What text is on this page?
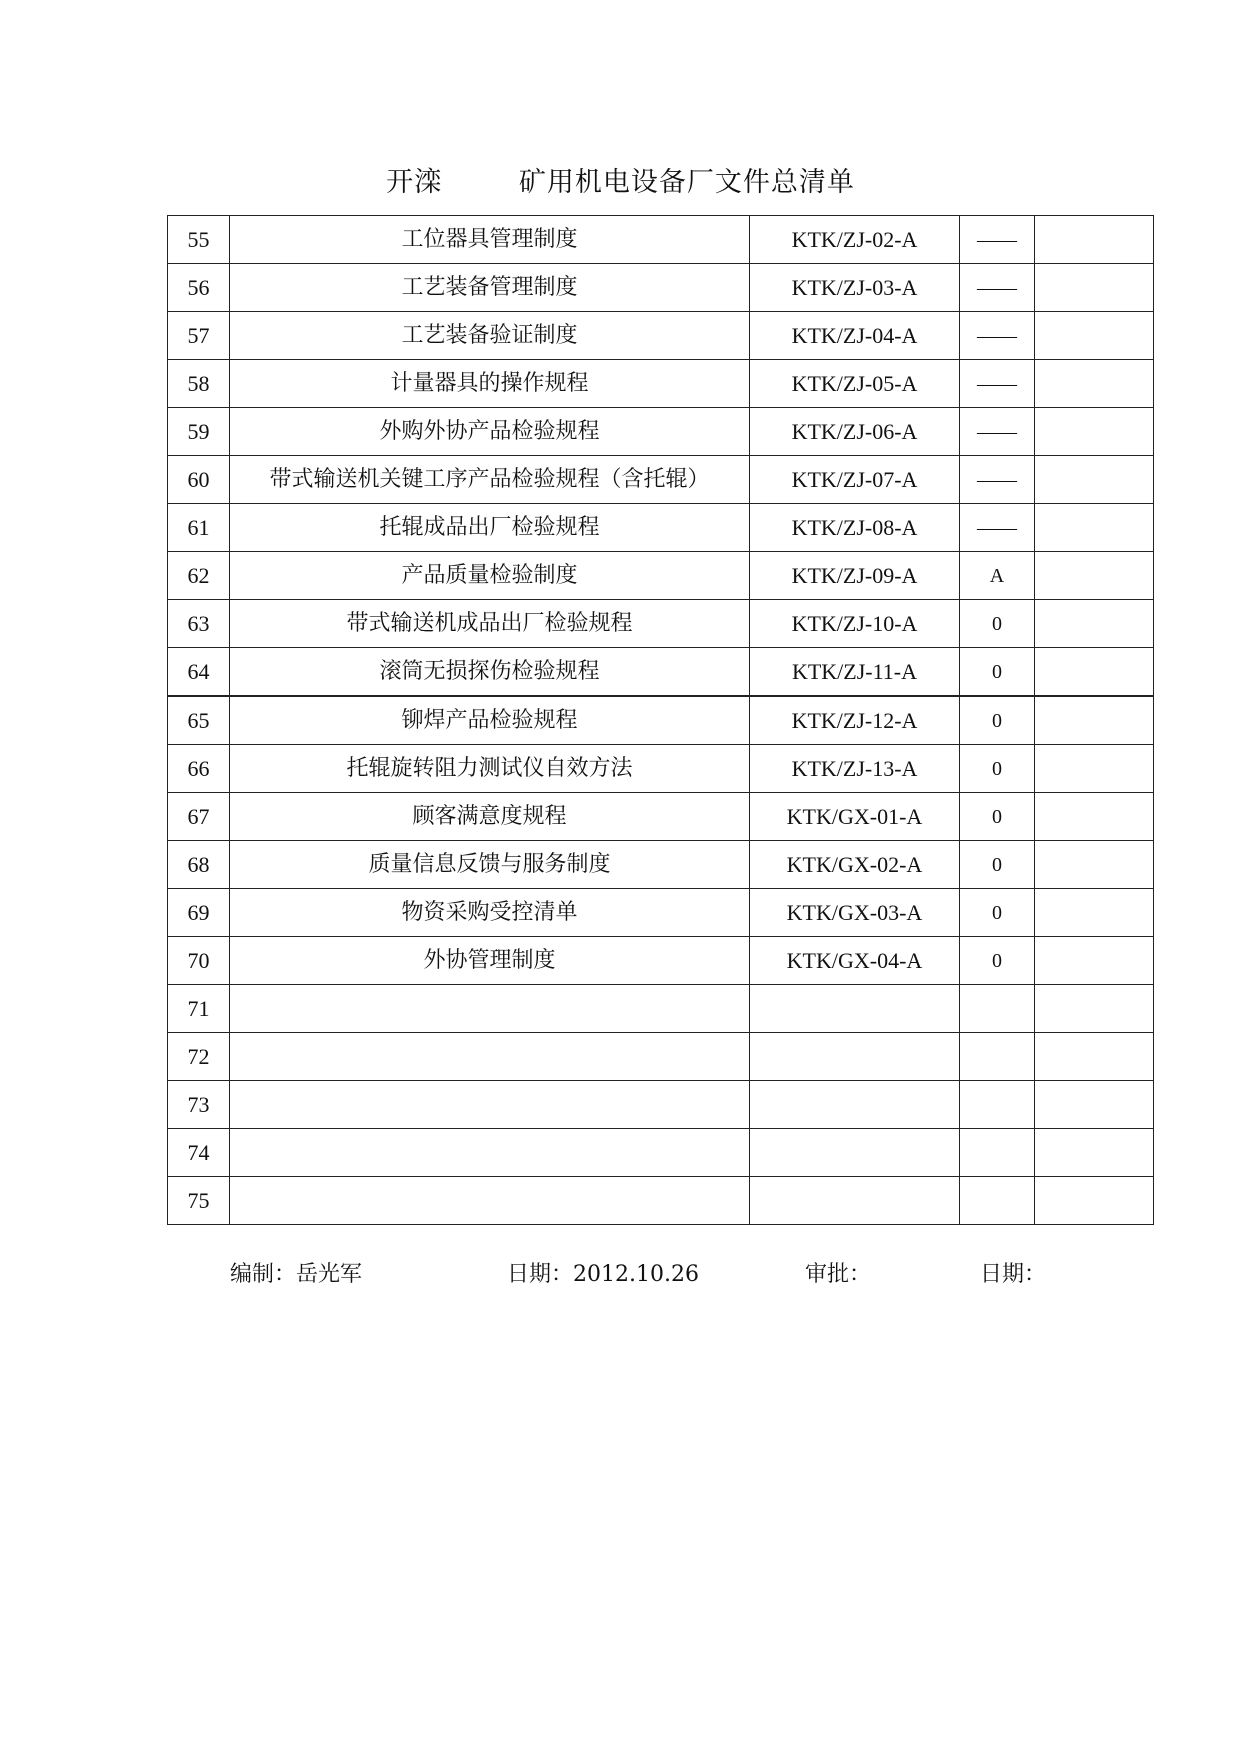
开滦        矿用机电设备厂文件总清单
55	工位器具管理制度	KTK/ZJ-02-A	——	
56	工艺装备管理制度	KTK/ZJ-03-A	——	
57	工艺装备验证制度	KTK/ZJ-04-A	——	
58	计量器具的操作规程	KTK/ZJ-05-A	——	
59	外购外协产品检验规程	KTK/ZJ-06-A	——	
60	带式输送机关键工序产品检验规程（含托辊）	KTK/ZJ-07-A	——	
61	托辊成品出厂检验规程	KTK/ZJ-08-A	——	
62	产品质量检验制度	KTK/ZJ-09-A	A	
63	带式输送机成品出厂检验规程	KTK/ZJ-10-A	0	
64	滚筒无损探伤检验规程	KTK/ZJ-11-A	0	
65	铆焊产品检验规程	KTK/ZJ-12-A	0	
66	托辊旋转阻力测试仪自效方法	KTK/ZJ-13-A	0	
67	顾客满意度规程	KTK/GX-01-A	0	
68	质量信息反馈与服务制度	KTK/GX-02-A	0	
69	物资采购受控清单	KTK/GX-03-A	0	
70	外协管理制度	KTK/GX-04-A	0	
71				
72				
73				
74				
75				
编制：岳光军	日期：2012.10.26	审批：	日期：
